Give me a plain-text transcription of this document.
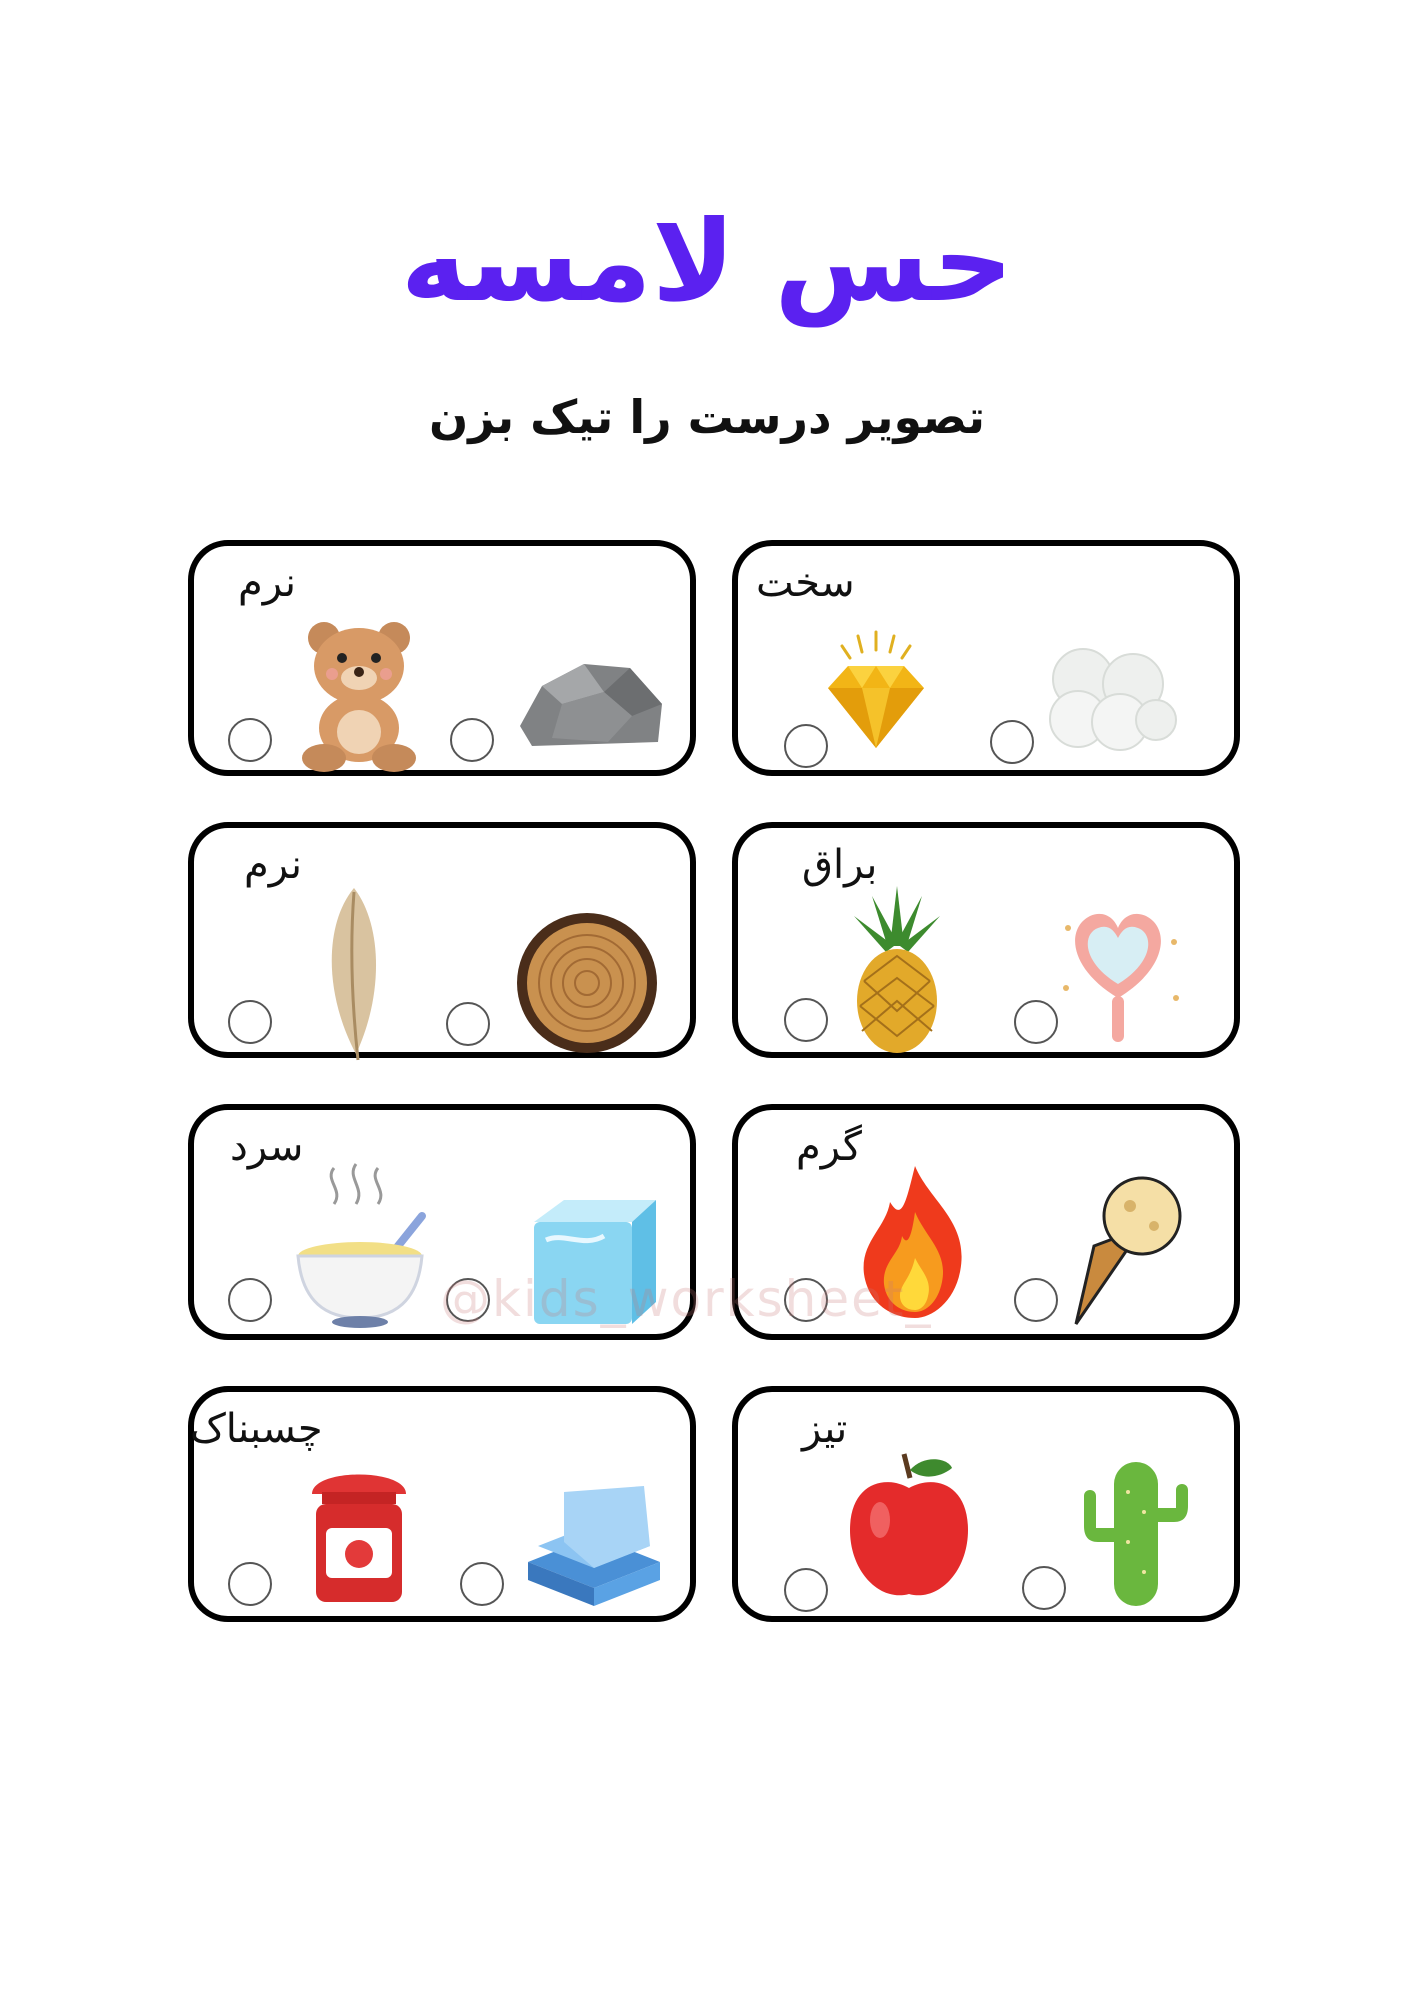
حس لامسه
تصویر درست را تیک بزن
سخت
نرم
براق
نرم
گرم
سرد
تیز
چسبناک
@kids_worksheet_
